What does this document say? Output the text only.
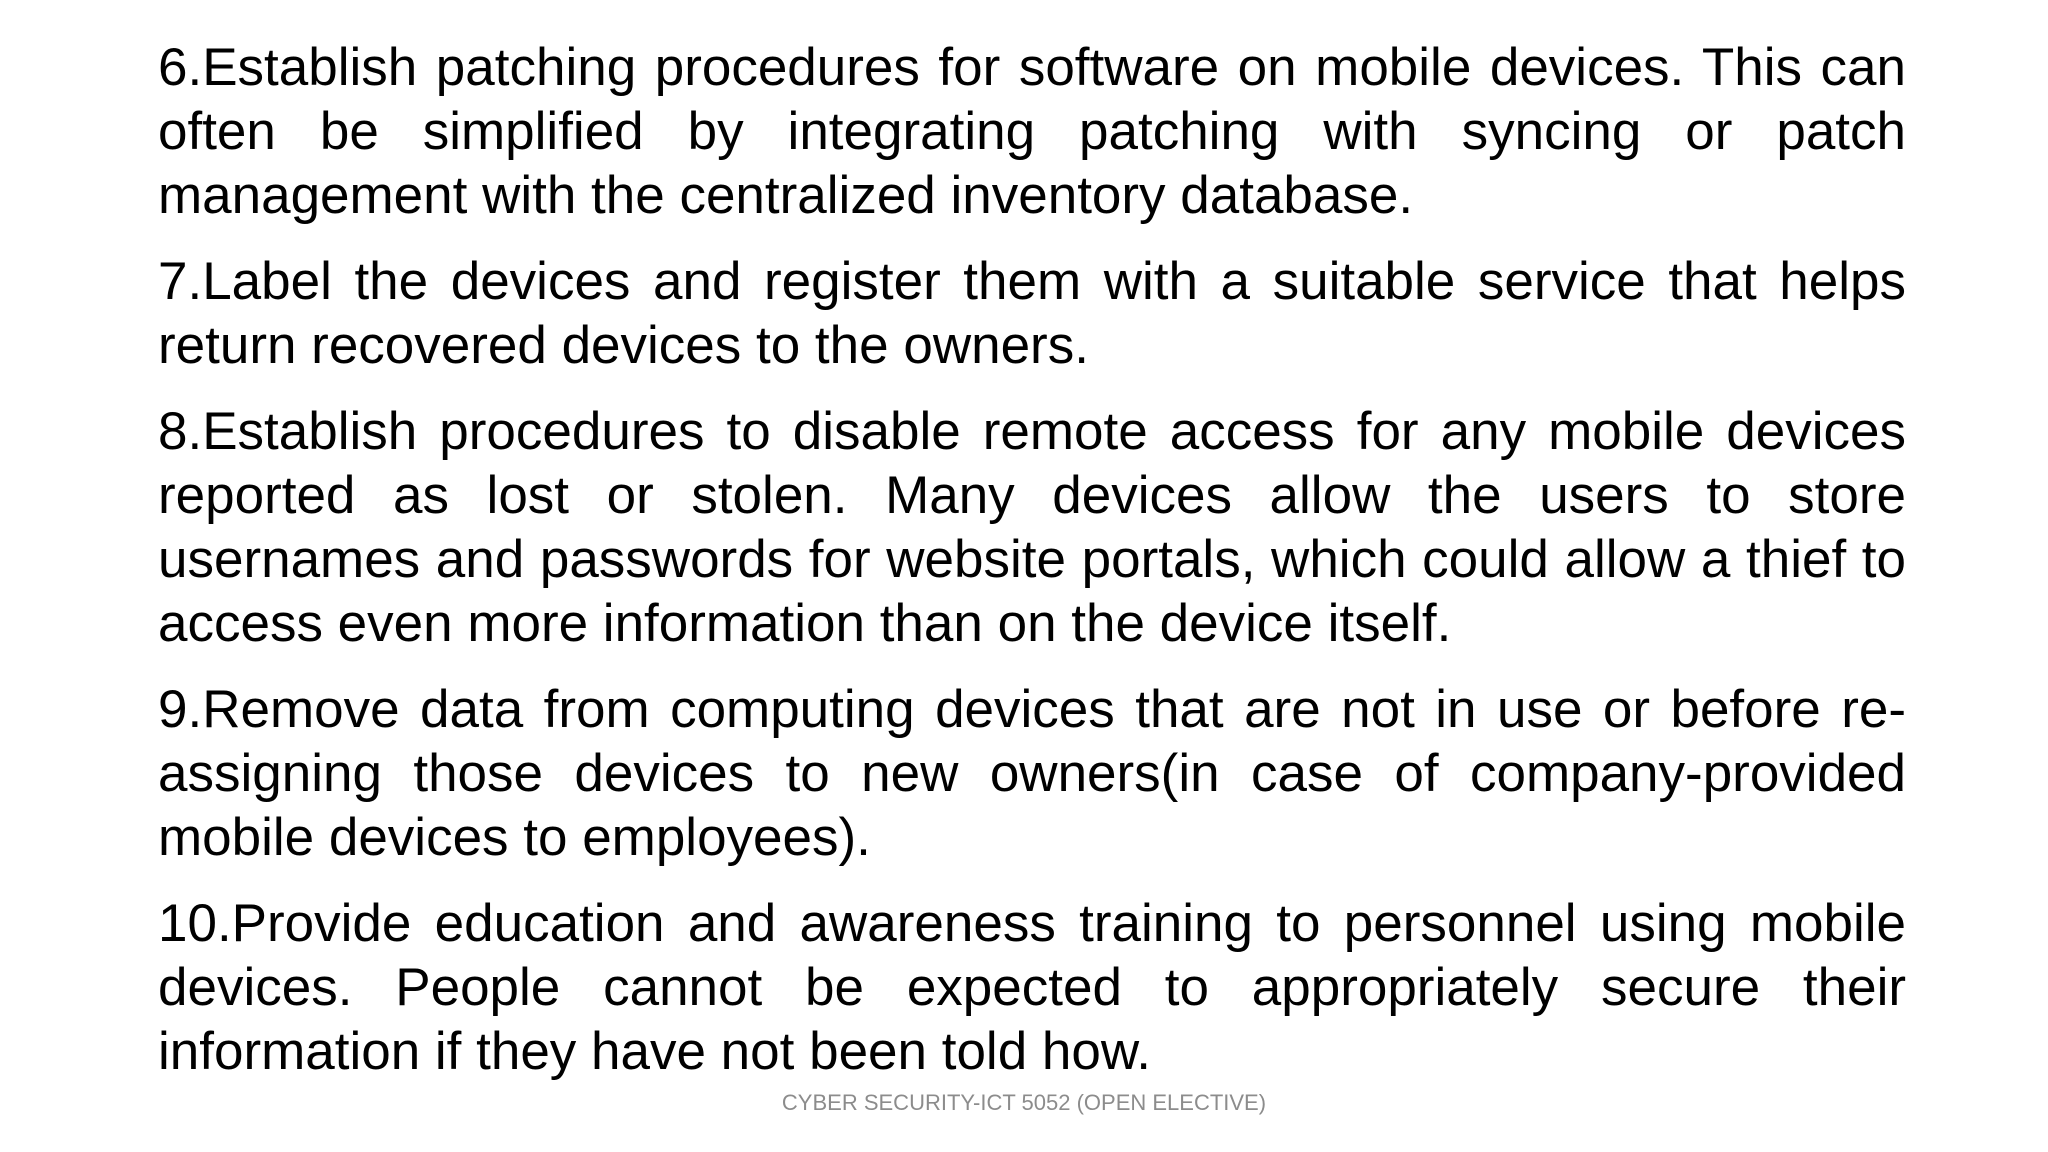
6.Establish patching procedures for software on mobile devices. This can often be simplified by integrating patching with syncing or patch management with the centralized inventory database.

7.Label the devices and register them with a suitable service that helps return recovered devices to the owners.

8.Establish procedures to disable remote access for any mobile devices reported as lost or stolen. Many devices allow the users to store usernames and passwords for website portals, which could allow a thief to access even more information than on the device itself.

9.Remove data from computing devices that are not in use or before re-assigning those devices to new owners(in case of company-provided mobile devices to employees).

10.Provide education and awareness training to personnel using mobile devices. People cannot be expected to appropriately secure their information if they have not been told how.

CYBER SECURITY-ICT 5052 (OPEN ELECTIVE)
